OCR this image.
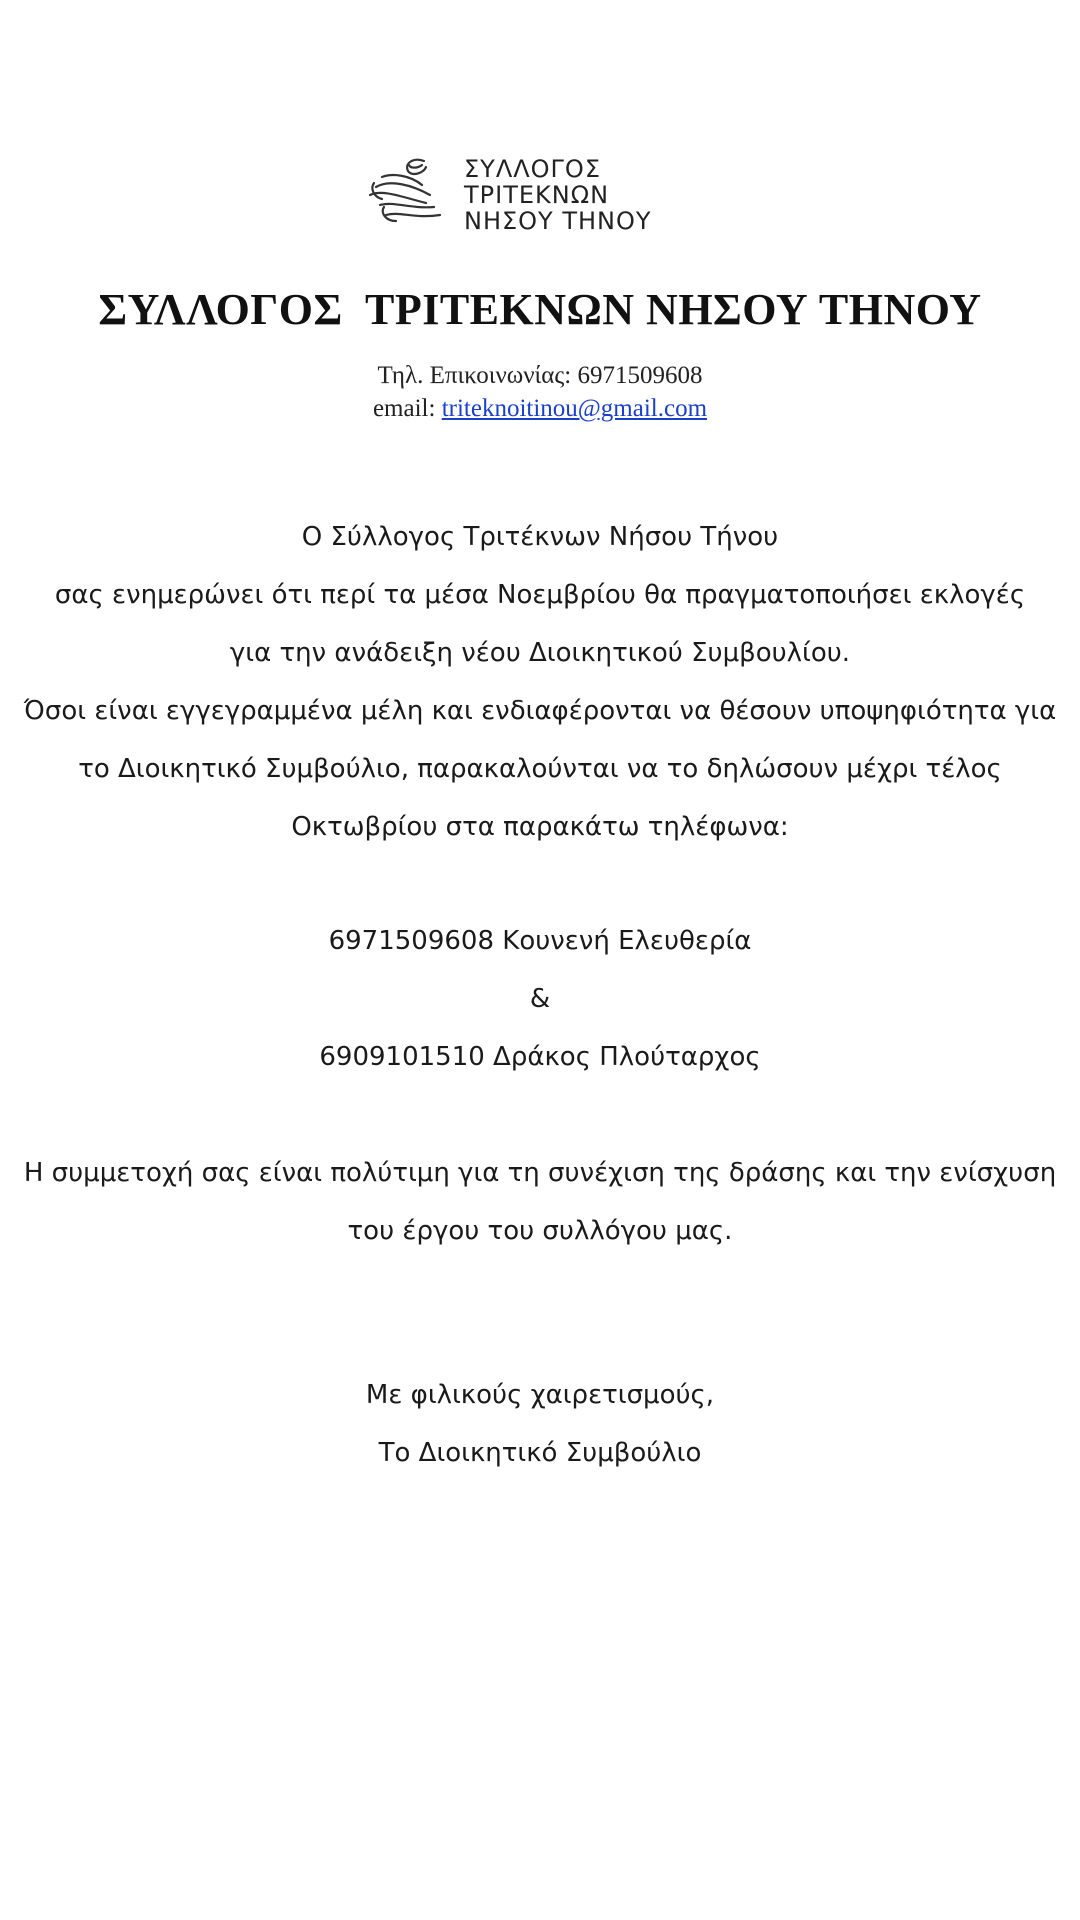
ΣΥΛΛΟΓΟΣ
ΤΡΙΤΕΚΝΩΝ
ΝΗΣΟΥ ΤΗΝΟΥ
ΣΥΛΛΟΓΟΣ  ΤΡΙΤΕΚΝΩΝ ΝΗΣΟΥ ΤΗΝΟΥ
Τηλ. Επικοινωνίας: 6971509608
email: triteknoitinou@gmail.com
Ο Σύλλογος Τριτέκνων Νήσου Τήνου
σας ενημερώνει ότι περί τα μέσα Νοεμβρίου θα πραγματοποιήσει εκλογές
για την ανάδειξη νέου Διοικητικού Συμβουλίου.
Όσοι είναι εγγεγραμμένα μέλη και ενδιαφέρονται να θέσουν υποψηφιότητα για
το Διοικητικό Συμβούλιο, παρακαλούνται να το δηλώσουν μέχρι τέλος
Οκτωβρίου στα παρακάτω τηλέφωνα:
6971509608 Κουνενή Ελευθερία
&
6909101510 Δράκος Πλούταρχος
Η συμμετοχή σας είναι πολύτιμη για τη συνέχιση της δράσης και την ενίσχυση
του έργου του συλλόγου μας.
Με φιλικούς χαιρετισμούς,
Το Διοικητικό Συμβούλιο
